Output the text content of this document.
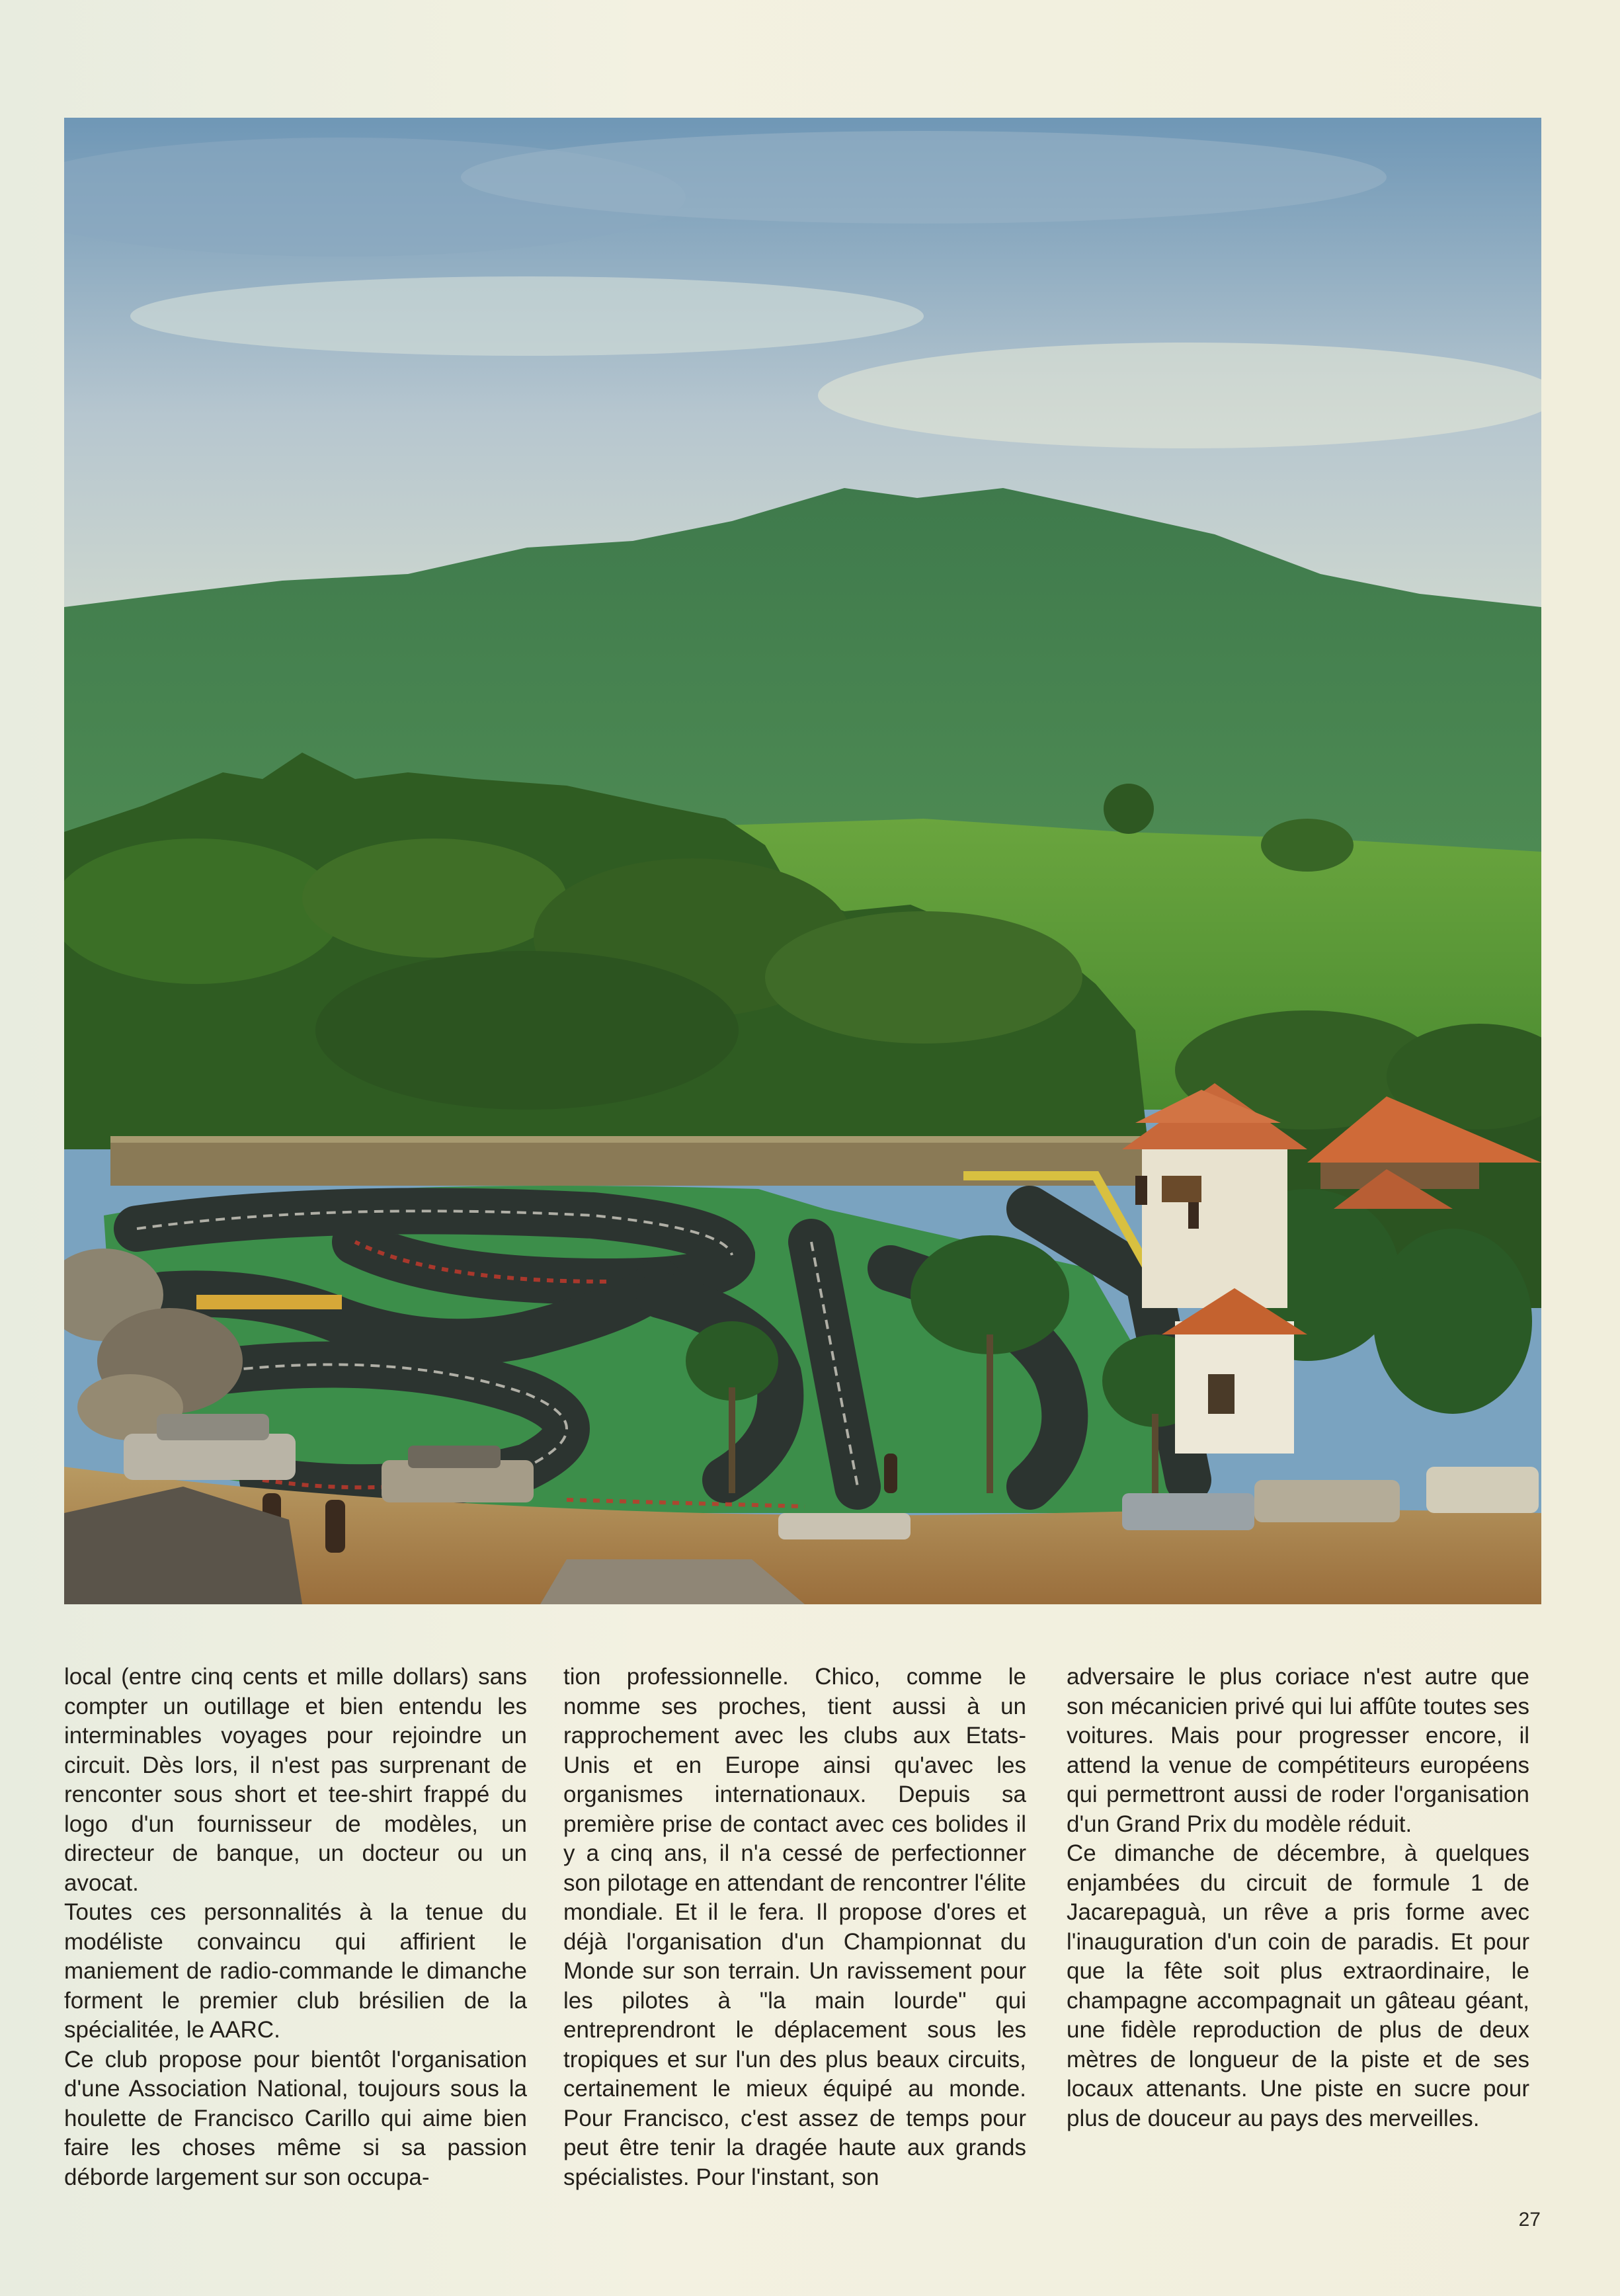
local (entre cinq cents et mille dollars) sans compter un outillage et bien entendu les interminables voyages pour rejoindre un circuit. Dès lors, il n'est pas surprenant de renconter sous short et tee-shirt frappé du logo d'un fournisseur de modèles, un directeur de banque, un docteur ou un avocat.

Toutes ces personnalités à la tenue du modéliste convaincu qui affirient le maniement de radio-commande le dimanche forment le premier club brésilien de la spécialitée, le AARC.

Ce club propose pour bientôt l'organisation d'une Association National, toujours sous la houlette de Francisco Carillo qui aime bien faire les choses même si sa passion déborde largement sur son occupa-

tion professionnelle. Chico, comme le nomme ses proches, tient aussi à un rapprochement avec les clubs aux Etats-Unis et en Europe ainsi qu'avec les organismes internationaux. Depuis sa première prise de contact avec ces bolides il y a cinq ans, il n'a cessé de perfectionner son pilotage en attendant de rencontrer l'élite mondiale. Et il le fera. Il propose d'ores et déjà l'organisation d'un Championnat du Monde sur son terrain. Un ravissement pour les pilotes à "la main lourde" qui entreprendront le déplacement sous les tropiques et sur l'un des plus beaux circuits, certainement le mieux équipé au monde. Pour Francisco, c'est assez de temps pour peut être tenir la dragée haute aux grands spécialistes. Pour l'instant, son

adversaire le plus coriace n'est autre que son mécanicien privé qui lui affûte toutes ses voitures. Mais pour progresser encore, il attend la venue de compétiteurs européens qui permettront aussi de roder l'organisation d'un Grand Prix du modèle réduit.

Ce dimanche de décembre, à quelques enjambées du circuit de formule 1 de Jacarepaguà, un rêve a pris forme avec l'inauguration d'un coin de paradis. Et pour que la fête soit plus extraordinaire, le champagne accompagnait un gâteau géant, une fidèle reproduction de plus de deux mètres de longueur de la piste et de ses locaux attenants. Une piste en sucre pour plus de douceur au pays des merveilles.

27
